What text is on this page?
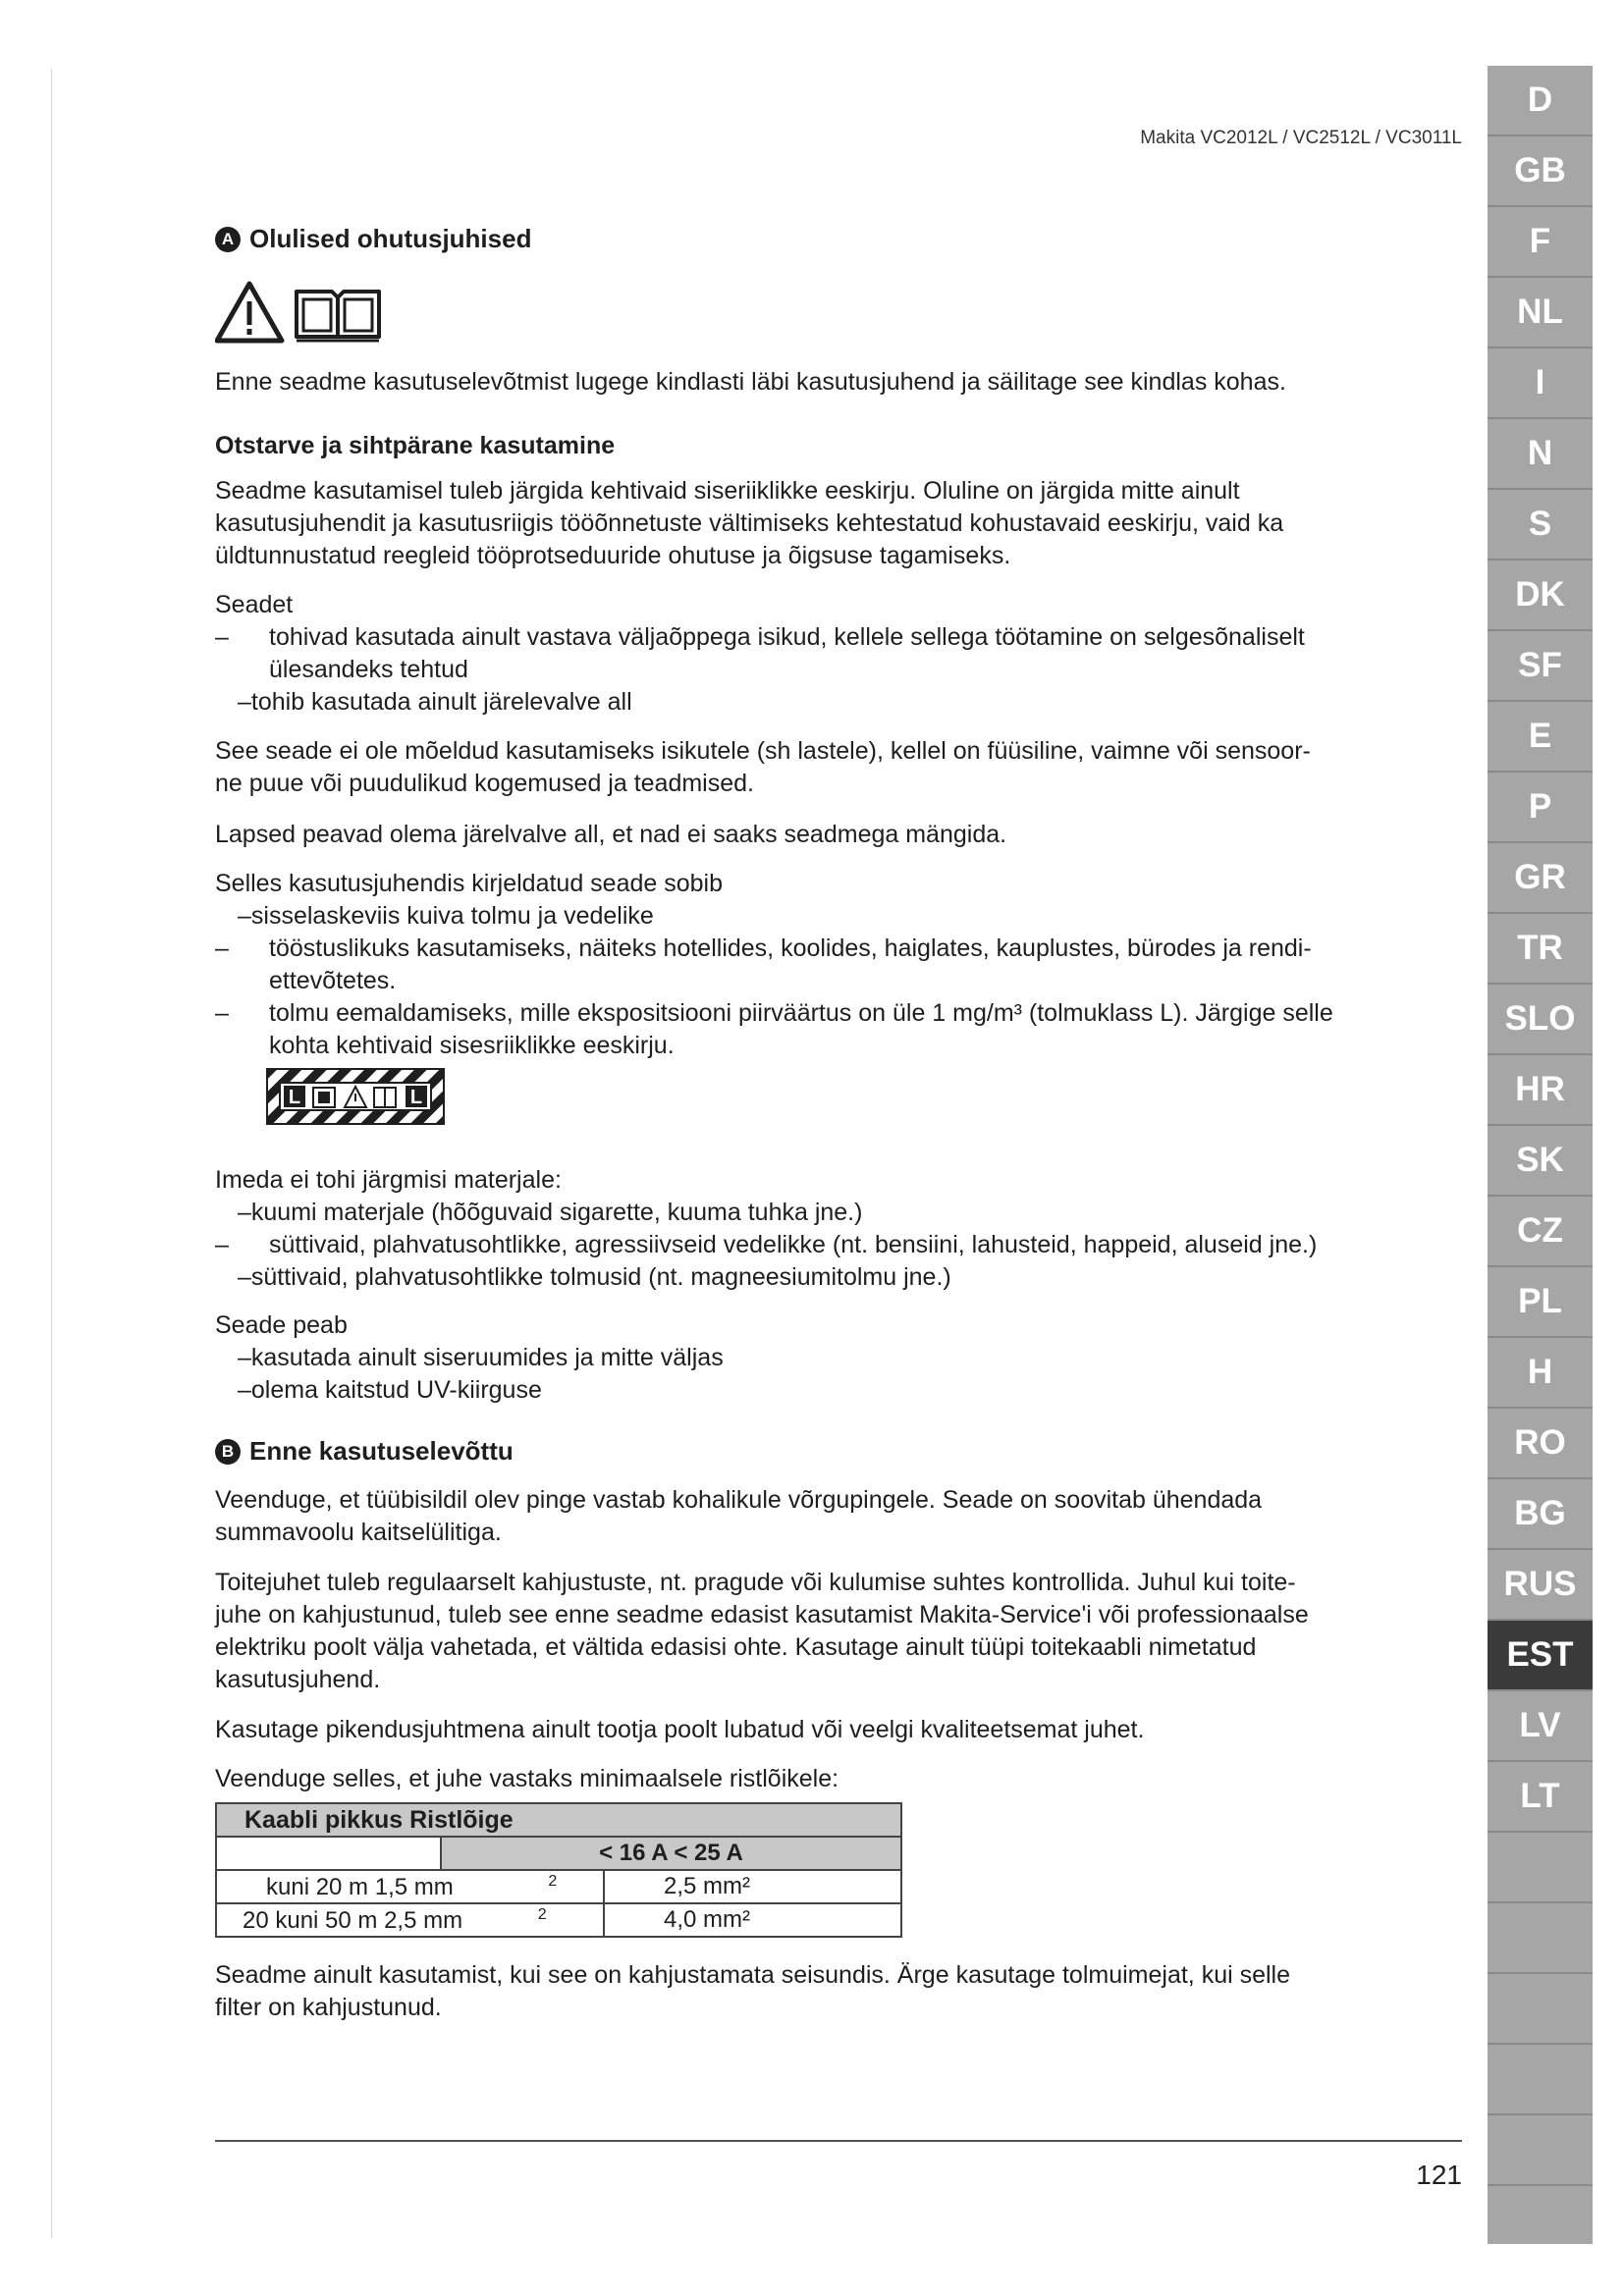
Makita VC2012L / VC2512L / VC3011L
A Olulised ohutusjuhised
Enne seadme kasutuselevõtmist lugege kindlasti läbi kasutusjuhend ja säilitage see kindlas kohas.
Otstarve ja sihtpärane kasutamine
Seadme kasutamisel tuleb järgida kehtivaid siseriiklikke eeskirju. Oluline on järgida mitte ainult
kasutusjuhendit ja kasutusriigis tööõnnetuste vältimiseks kehtestatud kohustavaid eeskirju, vaid ka
üldtunnustatud reegleid tööprotseduuride ohutuse ja õigsuse tagamiseks.
Seadet
– tohivad kasutada ainult vastava väljaõppega isikud, kellele sellega töötamine on selgesõnaliselt
ülesandeks tehtud
–tohib kasutada ainult järelevalve all
See seade ei ole mõeldud kasutamiseks isikutele (sh lastele), kellel on füüsiline, vaimne või sensoor-
ne puue või puudulikud kogemused ja teadmised.
Lapsed peavad olema järelvalve all, et nad ei saaks seadmega mängida.
Selles kasutusjuhendis kirjeldatud seade sobib
–sisselaskeviis kuiva tolmu ja vedelike
– tööstuslikuks kasutamiseks, näiteks hotellides, koolides, haiglates, kauplustes, bürodes ja rendi-
ettevõtetes.
– tolmu eemaldamiseks, mille ekspositsiooni piirväärtus on üle 1 mg/m³ (tolmuklass L). Järgige selle
kohta kehtivaid sisesriiklikke eeskirju.
L	L
Imeda ei tohi järgmisi materjale:
–kuumi materjale (hõõguvaid sigarette, kuuma tuhka jne.)
– süttivaid, plahvatusohtlikke, agressiivseid vedelikke (nt. bensiini, lahusteid, happeid, aluseid jne.)
–süttivaid, plahvatusohtlikke tolmusid (nt. magneesiumitolmu jne.)
Seade peab
–kasutada ainult siseruumides ja mitte väljas
–olema kaitstud UV-kiirguse
B Enne kasutuselevõttu
Veenduge, et tüübisildil olev pinge vastab kohalikule võrgupingele. Seade on soovitab ühendada
summavoolu kaitselülitiga.
Toitejuhet tuleb regulaarselt kahjustuste, nt. pragude või kulumise suhtes kontrollida. Juhul kui toite-
juhe on kahjustunud, tuleb see enne seadme edasist kasutamist Makita-Service'i või professionaalse
elektriku poolt välja vahetada, et vältida edasisi ohte. Kasutage ainult tüüpi toitekaabli nimetatud
kasutusjuhend.
Kasutage pikendusjuhtmena ainult tootja poolt lubatud või veelgi kvaliteetsemat juhet.
Veenduge selles, et juhe vastaks minimaalsele ristlõikele:
Kaabli pikkus Ristlõige		
	< 16 A < 25 A	
kuni 20 m 1,5 mm $^2$		2,5 mm²
20 kuni 50 m 2,5 mm $^2$		4,0 mm²
Seadme ainult kasutamist, kui see on kahjustamata seisundis. Ärge kasutage tolmuimejat, kui selle
filter on kahjustunud.
121
D
GB
F
NL
I
N
S
DK
SF
E
P
GR
TR
SLO
HR
SK
CZ
PL
H
RO
BG
RUS
EST
LV
LT
